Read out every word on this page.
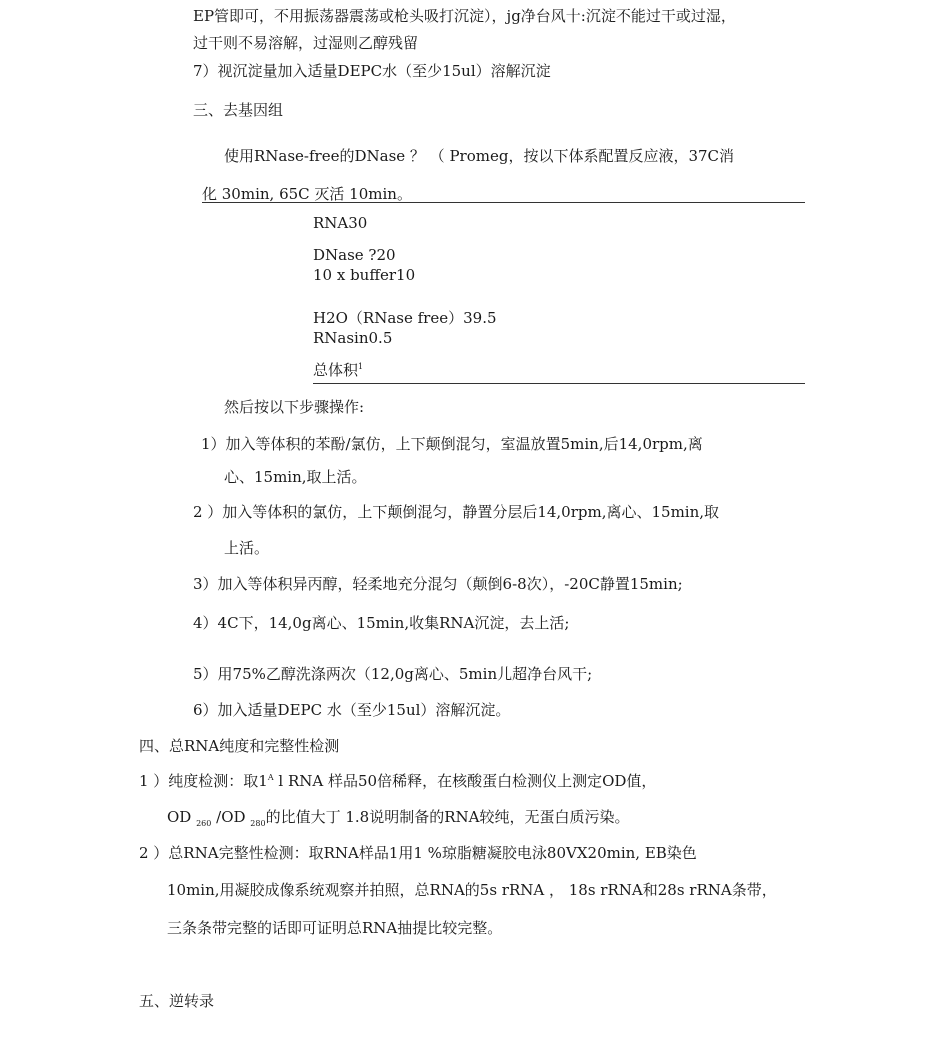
EP管即可，不用振荡器震荡或枪头吸打沉淀），jg净台风十:沉淀不能过干或过湿，
过干则不易溶解，过湿则乙醇残留
7）视沉淀量加入适量DEPC水（至少15ul）溶解沉淀
三、去基因组
使用RNase-free的DNase ？ （ Promeg，按以下体系配置反应液，37C消
化 30min, 65C 灭活 10min。
RNA30
DNase ?20
10 x buffer10
H2O（RNase free）39.5
RNasin0.5
总体积$^1$
然后按以下步骤操作:
1）加入等体积的苯酚/氯仿，上下颠倒混匀，室温放置5min,后14,0rpm,离
心、15min,取上活。
2 ）加入等体积的氯仿，上下颠倒混匀，静置分层后14,0rpm,离心、15min,取
上活。
3）加入等体积异丙醇，轻柔地充分混匀（颠倒6-8次），-20C静置15min;
4）4C下，14,0g离心、15min,收集RNA沉淀，去上活;
5）用75%乙醇洗涤两次（12,0g离心、5min儿超净台风干;
6）加入适量DEPC 水（至少15ul）溶解沉淀。
四、总RNA纯度和完整性检测
1 ）纯度检测：取$1^A$ l RNA 样品50倍稀释，在核酸蛋白检测仪上测定OD值，
OD $_{260}$ /OD $_{280}$的比值大丁 1.8说明制备的RNA较纯，无蛋白质污染。
2 ）总RNA完整性检测：取RNA样品1用1 %琼脂糖凝胶电泳80VX20min, EB染色
10min,用凝胶成像系统观察并拍照，总RNA的5s rRNA ， 18s rRNA和28s rRNA条带，
三条条带完整的话即可证明总RNA抽提比较完整。
五、逆转录
